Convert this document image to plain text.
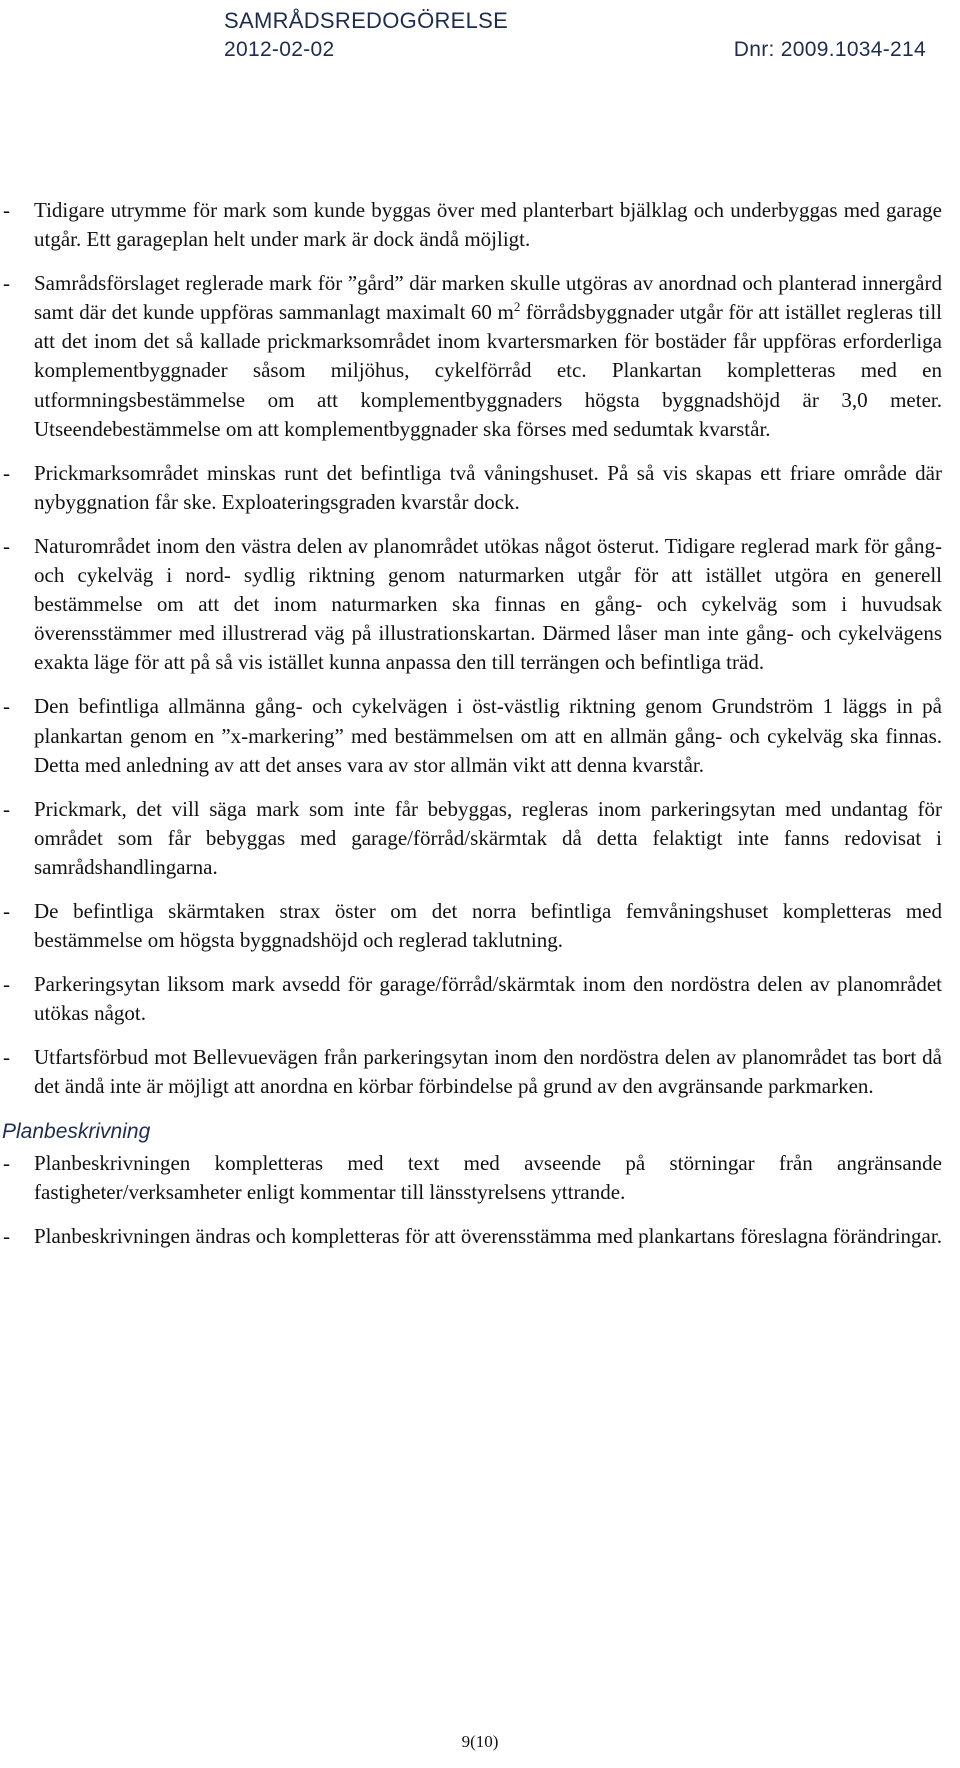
SAMRÅDSREDOGÖRELSE
2012-02-02	Dnr: 2009.1034-214
- Tidigare utrymme för mark som kunde byggas över med planterbart bjälklag och underbyggas med garage utgår. Ett garageplan helt under mark är dock ändå möjligt.

- Samrådsförslaget reglerade mark för ”gård” där marken skulle utgöras av anordnad och planterad innergård samt där det kunde uppföras sammanlagt maximalt 60 $m^2$ förrådsbyggnader utgår för att istället regleras till att det inom det så kallade prickmarksområdet inom kvartersmarken för bostäder får uppföras erforderliga komplementbyggnader såsom miljöhus, cykelförråd etc. Plankartan kompletteras med en utformningsbestämmelse om att komplementbyggnaders högsta byggnadshöjd är 3,0 meter. Utseendebestämmelse om att komplementbyggnader ska förses med sedumtak kvarstår.

- Prickmarksområdet minskas runt det befintliga två våningshuset. På så vis skapas ett friare område där nybyggnation får ske. Exploateringsgraden kvarstår dock.

- Naturområdet inom den västra delen av planområdet utökas något österut. Tidigare reglerad mark för gång- och cykelväg i nord- sydlig riktning genom naturmarken utgår för att istället utgöra en generell bestämmelse om att det inom naturmarken ska finnas en gång- och cykelväg som i huvudsak överensstämmer med illustrerad väg på illustrationskartan. Därmed låser man inte gång- och cykelvägens exakta läge för att på så vis istället kunna anpassa den till terrängen och befintliga träd.

- Den befintliga allmänna gång- och cykelvägen i öst-västlig riktning genom Grundström 1 läggs in på plankartan genom en ”x-markering” med bestämmelsen om att en allmän gång- och cykelväg ska finnas. Detta med anledning av att det anses vara av stor allmän vikt att denna kvarstår.

- Prickmark, det vill säga mark som inte får bebyggas, regleras inom parkeringsytan med undantag för området som får bebyggas med garage/förråd/skärmtak då detta felaktigt inte fanns redovisat i samrådshandlingarna.

- De befintliga skärmtaken strax öster om det norra befintliga femvåningshuset kompletteras med bestämmelse om högsta byggnadshöjd och reglerad taklutning.

- Parkeringsytan liksom mark avsedd för garage/förråd/skärmtak inom den nordöstra delen av planområdet utökas något.

- Utfartsförbud mot Bellevuevägen från parkeringsytan inom den nordöstra delen av planområdet tas bort då det ändå inte är möjligt att anordna en körbar förbindelse på grund av den avgränsande parkmarken.

Planbeskrivning
- Planbeskrivningen kompletteras med text med avseende på störningar från angränsande fastigheter/verksamheter enligt kommentar till länsstyrelsens yttrande.

- Planbeskrivningen ändras och kompletteras för att överensstämma med plankartans föreslagna förändringar.

9(10)
